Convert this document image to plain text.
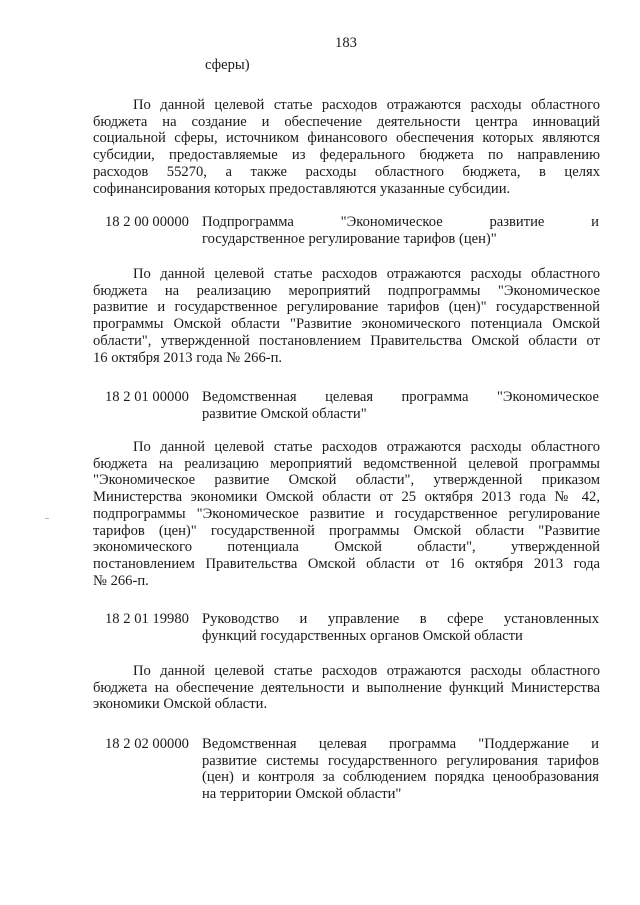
183
сферы)
По данной целевой статье расходов отражаются расходы областного
бюджета на создание и обеспечение деятельности центра инноваций
социальной сферы, источником финансового обеспечения которых являются
субсидии, предоставляемые из федерального бюджета по направлению
расходов 55270, а также расходы областного бюджета, в целях
софинансирования которых предоставляются указанные субсидии.
18 2 00 00000 Подпрограмма "Экономическое развитие и
государственное регулирование тарифов (цен)"
По данной целевой статье расходов отражаются расходы областного
бюджета на реализацию мероприятий подпрограммы "Экономическое
развитие и государственное регулирование тарифов (цен)" государственной
программы Омской области "Развитие экономического потенциала Омской
области", утвержденной постановлением Правительства Омской области от
16 октября 2013 года № 266-п.
18 2 01 00000 Ведомственная целевая программа "Экономическое
развитие Омской области"
По данной целевой статье расходов отражаются расходы областного
бюджета на реализацию мероприятий ведомственной целевой программы
"Экономическое развитие Омской области", утвержденной приказом
Министерства экономики Омской области от 25 октября 2013 года № 42,
подпрограммы "Экономическое развитие и государственное регулирование
тарифов (цен)" государственной программы Омской области "Развитие
экономического потенциала Омской области", утвержденной
постановлением Правительства Омской области от 16 октября 2013 года
№ 266-п.
18 2 01 19980 Руководство и управление в сфере установленных
функций государственных органов Омской области
По данной целевой статье расходов отражаются расходы областного
бюджета на обеспечение деятельности и выполнение функций Министерства
экономики Омской области.
18 2 02 00000 Ведомственная целевая программа "Поддержание и
развитие системы государственного регулирования тарифов
(цен) и контроля за соблюдением порядка ценообразования
на территории Омской области"
